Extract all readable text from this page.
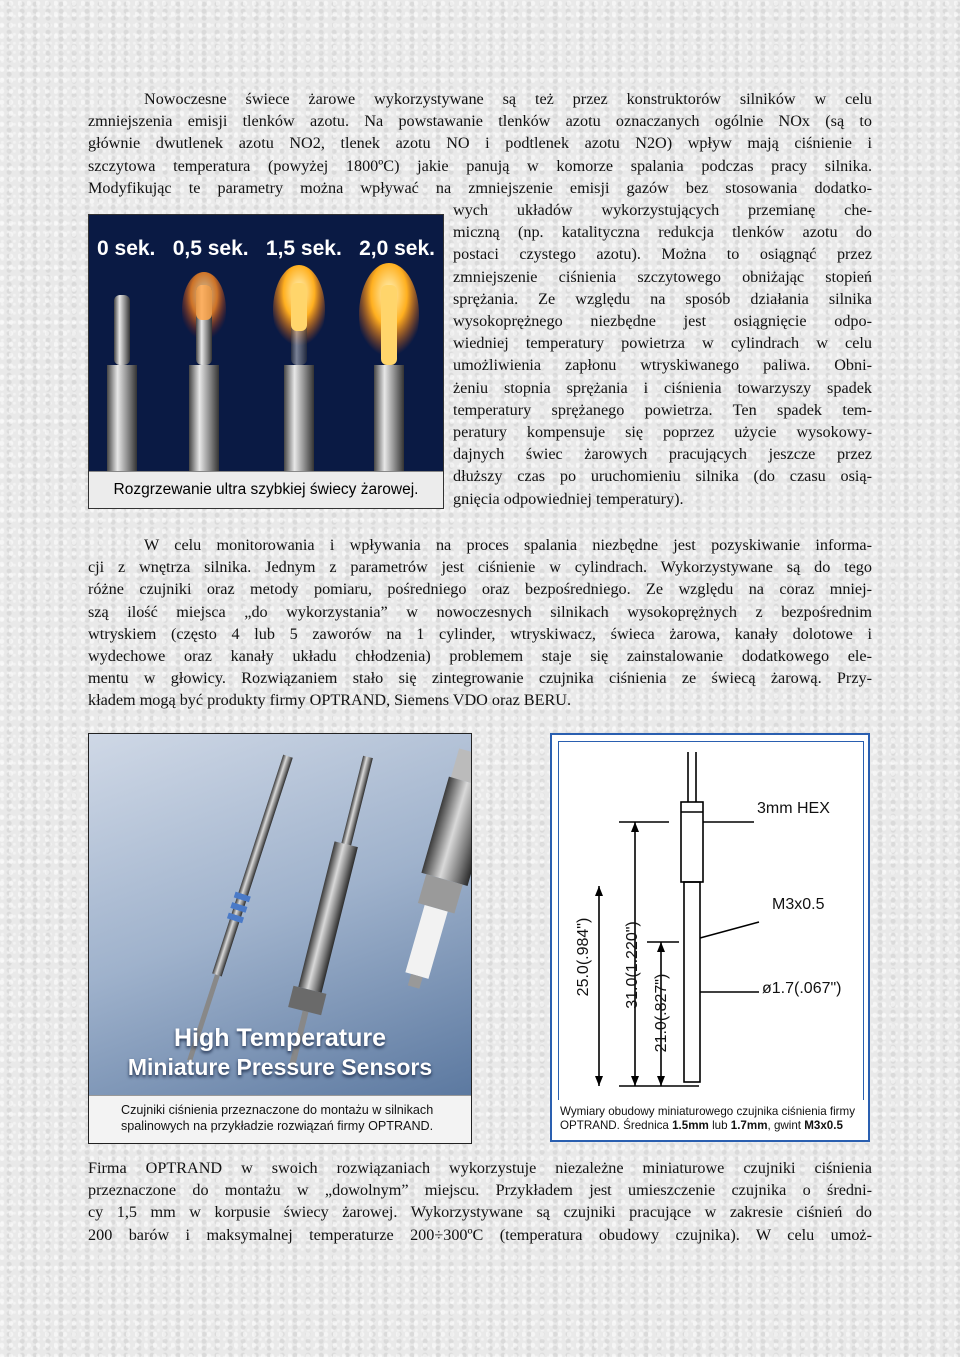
Nowoczesne świece żarowe wykorzystywane są też przez konstruktorów silników w celu
zmniejszenia emisji tlenków azotu. Na powstawanie tlenków azotu oznaczanych ogólnie NOx (są to
głównie dwutlenek azotu NO2, tlenek azotu NO i podtlenek azotu N2O) wpływ mają ciśnienie i
szczytowa temperatura (powyżej 1800ºC) jakie panują w komorze spalania podczas pracy silnika.
Modyfikując te parametry można wpływać na zmniejszenie emisji gazów bez stosowania dodatko-
0 sek. 0,5 sek. 1,5 sek. 2,0 sek.
Rozgrzewanie ultra szybkiej świecy żarowej.
wych układów wykorzystujących przemianę che-
miczną (np. katalityczna redukcja tlenków azotu do
postaci czystego azotu). Można to osiągnąć przez
zmniejszenie ciśnienia szczytowego obniżając stopień
sprężania. Ze względu na sposób działania silnika
wysokoprężnego niezbędne jest osiągnięcie odpo-
wiedniej temperatury powietrza w cylindrach w celu
umożliwienia zapłonu wtryskiwanego paliwa. Obni-
żeniu stopnia sprężania i ciśnienia towarzyszy spadek
temperatury sprężanego powietrza. Ten spadek tem-
peratury kompensuje się poprzez użycie wysokowy-
dajnych świec żarowych pracujących jeszcze przez
dłuższy czas po uruchomieniu silnika (do czasu osią-
gnięcia odpowiedniej temperatury).
W celu monitorowania i wpływania na proces spalania niezbędne jest pozyskiwanie informa-
cji z wnętrza silnika. Jednym z parametrów jest ciśnienie w cylindrach. Wykorzystywane są do tego
różne czujniki oraz metody pomiaru, pośredniego oraz bezpośredniego. Ze względu na coraz mniej-
szą ilość miejsca „do wykorzystania” w nowoczesnych silnikach wysokoprężnych z bezpośrednim
wtryskiem (często 4 lub 5 zaworów na 1 cylinder, wtryskiwacz, świeca żarowa, kanały dolotowe i
wydechowe oraz kanały układu chłodzenia) problemem staje się zainstalowanie dodatkowego ele-
mentu w głowicy. Rozwiązaniem stało się zintegrowanie czujnika ciśnienia ze świecą żarową. Przy-
kładem mogą być produkty firmy OPTRAND, Siemens VDO oraz BERU.
High Temperature
Miniature Pressure Sensors
Czujniki ciśnienia przeznaczone do montażu w silnikach
spalinowych na przykładzie rozwiązań firmy OPTRAND.
3mm HEX
M3x0.5
ø1.7(.067")
25.0(.984") 31.0(1.220")
21.0(.827")
Wymiary obudowy miniaturowego czujnika ciśnienia firmy
OPTRAND. Średnica 1.5mm lub 1.7mm, gwint M3x0.5
Firma OPTRAND w swoich rozwiązaniach wykorzystuje niezależne miniaturowe czujniki ciśnienia
przeznaczone do montażu w „dowolnym” miejscu. Przykładem jest umieszczenie czujnika o średni-
cy 1,5 mm w korpusie świecy żarowej. Wykorzystywane są czujniki pracujące w zakresie ciśnień do
200 barów i maksymalnej temperaturze 200÷300ºC (temperatura obudowy czujnika). W celu umoż-
